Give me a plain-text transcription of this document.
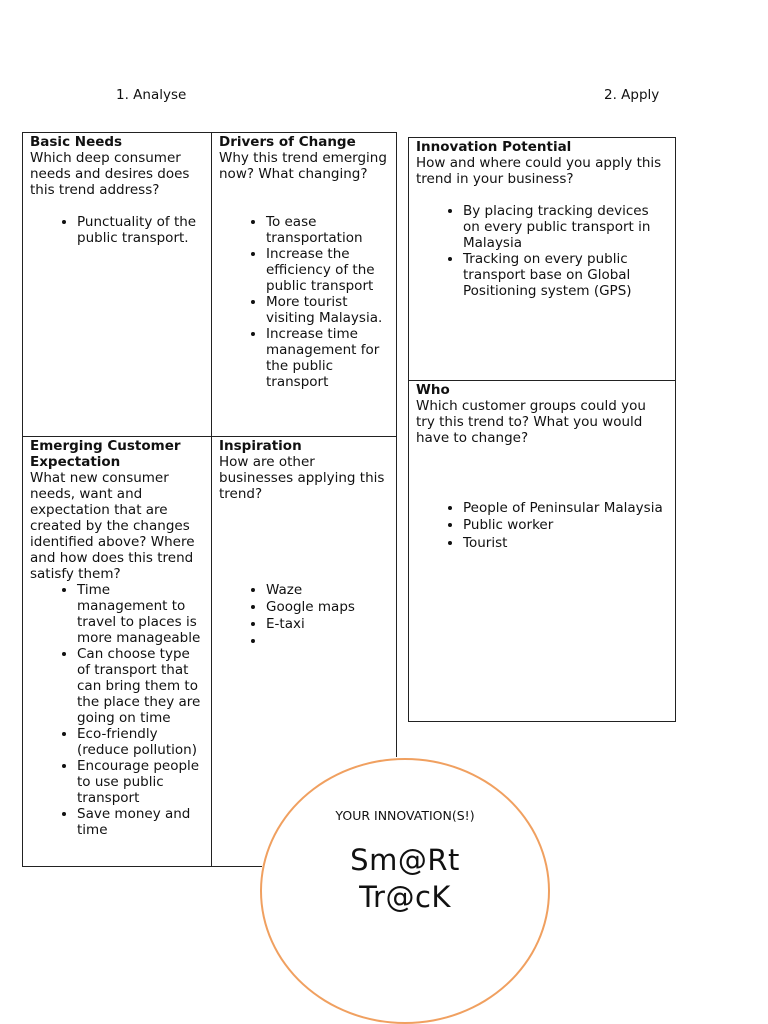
1. Analyse	2. Apply
Basic Needs
Which deep consumer needs and desires does this trend address?
• Punctuality of the public transport.
Drivers of Change
Why this trend emerging now? What changing?
• To ease transportation
• Increase the efficiency of the public transport
• More tourist visiting Malaysia.
• Increase time management for the public transport
Emerging Customer Expectation
What new consumer needs, want and expectation that are created by the changes identified above? Where and how does this trend satisfy them?
• Time management to travel to places is more manageable
• Can choose type of transport that can bring them to the place they are going on time
• Eco-friendly (reduce pollution)
• Encourage people to use public transport
• Save money and time
Inspiration
How are other businesses applying this trend?
• Waze
• Google maps
• E-taxi
•
Innovation Potential
How and where could you apply this trend in your business?
• By placing tracking devices on every public transport in Malaysia
• Tracking on every public transport base on Global Positioning system (GPS)
Who
Which customer groups could you try this trend to? What you would have to change?
• People of Peninsular Malaysia
• Public worker
• Tourist
YOUR INNOVATION(S!)
Sm@Rt
Tr@cK
